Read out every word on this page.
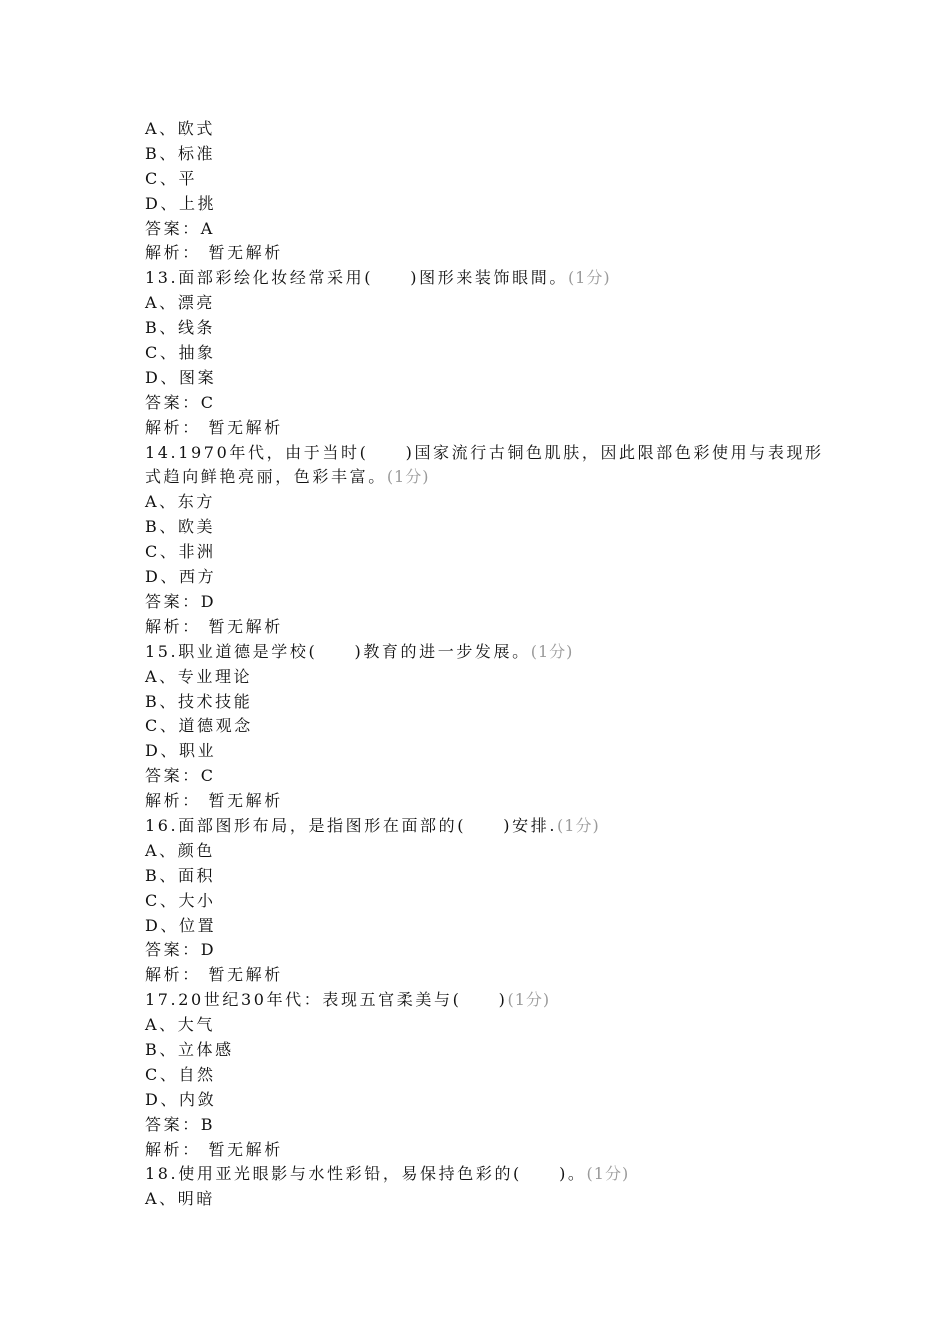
A、欧式
B、标准
C、平
D、上挑
答案：A
解析： 暂无解析
13.面部彩绘化妆经常采用(　　)图形来装饰眼間。(1分)
A、漂亮
B、线条
C、抽象
D、图案
答案：C
解析： 暂无解析
14.1970年代，由于当时(　　)国家流行古铜色肌肤，因此限部色彩使用与表现形式趋向鲜艳亮丽，色彩丰富。(1分)
A、东方
B、欧美
C、非洲
D、西方
答案：D
解析： 暂无解析
15.职业道德是学校(　　)教育的进一步发展。(1分)
A、专业理论
B、技术技能
C、道德观念
D、职业
答案：C
解析： 暂无解析
16.面部图形布局，是指图形在面部的(　　)安排.(1分)
A、颜色
B、面积
C、大小
D、位置
答案：D
解析： 暂无解析
17.20世纪30年代：表现五官柔美与(　　)(1分)
A、大气
B、立体感
C、自然
D、内敛
答案：B
解析： 暂无解析
18.使用亚光眼影与水性彩铅，易保持色彩的(　　)。(1分)
A、明暗
